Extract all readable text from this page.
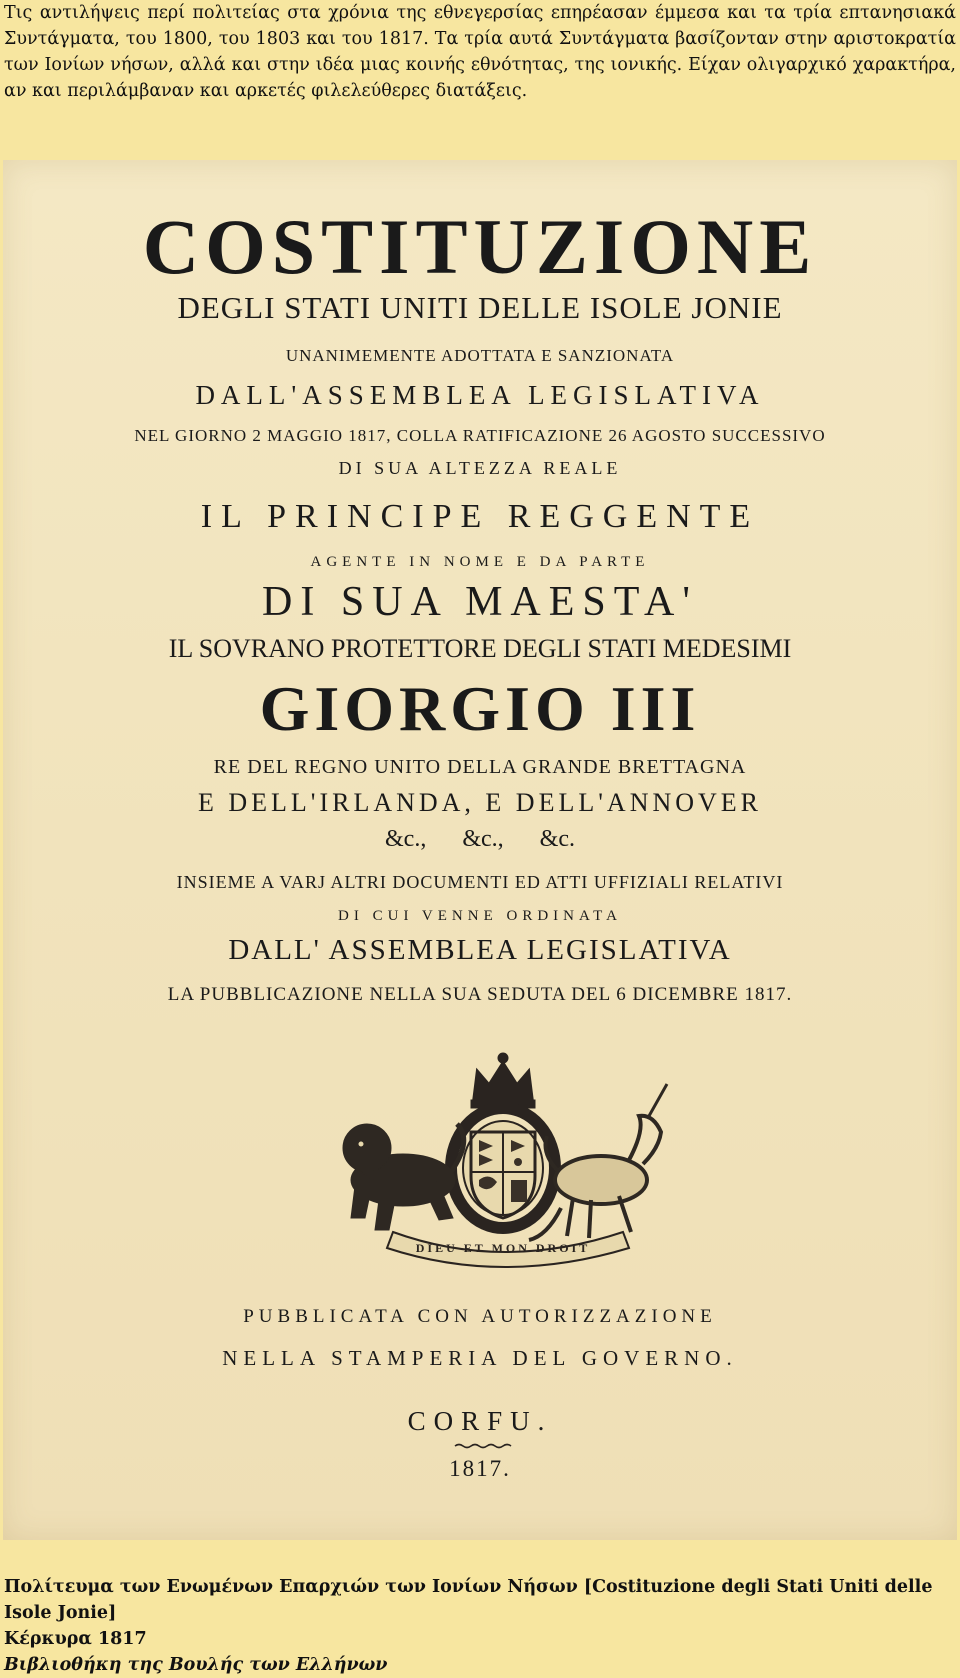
Τις αντιλήψεις περί πολιτείας στα χρόνια της εθνεγερσίας επηρέασαν έμμεσα και τα τρία επτανησιακά Συντάγματα, του 1800, του 1803 και του 1817. Τα τρία αυτά Συντάγματα βασίζονταν στην αριστοκρατία των Ιονίων νήσων, αλλά και στην ιδέα μιας κοινής εθνότητας, της ιονικής. Είχαν ολιγαρχικό χαρακτήρα, αν και περιλάμβαναν και αρκετές φιλελεύθερες διατάξεις.

COSTITUZIONE
DEGLI STATI UNITI DELLE ISOLE JONIE
UNANIMEMENTE ADOTTATA E SANZIONATA
DALL'ASSEMBLEA LEGISLATIVA
NEL GIORNO 2 MAGGIO 1817, COLLA RATIFICAZIONE 26 AGOSTO SUCCESSIVO
DI SUA ALTEZZA REALE
IL PRINCIPE REGGENTE
AGENTE IN NOME E DA PARTE
DI SUA MAESTA'
IL SOVRANO PROTETTORE DEGLI STATI MEDESIMI
GIORGIO III
RE DEL REGNO UNITO DELLA GRANDE BRETTAGNA
E DELL'IRLANDA, E DELL'ANNOVER
&c., &c., &c.
INSIEME A VARJ ALTRI DOCUMENTI ED ATTI UFFIZIALI RELATIVI
DI CUI VENNE ORDINATA
DALL' ASSEMBLEA LEGISLATIVA
LA PUBBLICAZIONE NELLA SUA SEDUTA DEL 6 DICEMBRE 1817.
DIEU ET MON DROIT
PUBBLICATA CON AUTORIZZAZIONE
NELLA STAMPERIA DEL GOVERNO.
CORFU.
1817.

Πολίτευμα των Ενωμένων Επαρχιών των Ιονίων Νήσων [Costituzione degli Stati Uniti delle Isole Jonie]

Κέρκυρα 1817

Βιβλιοθήκη της Βουλής των Ελλήνων
